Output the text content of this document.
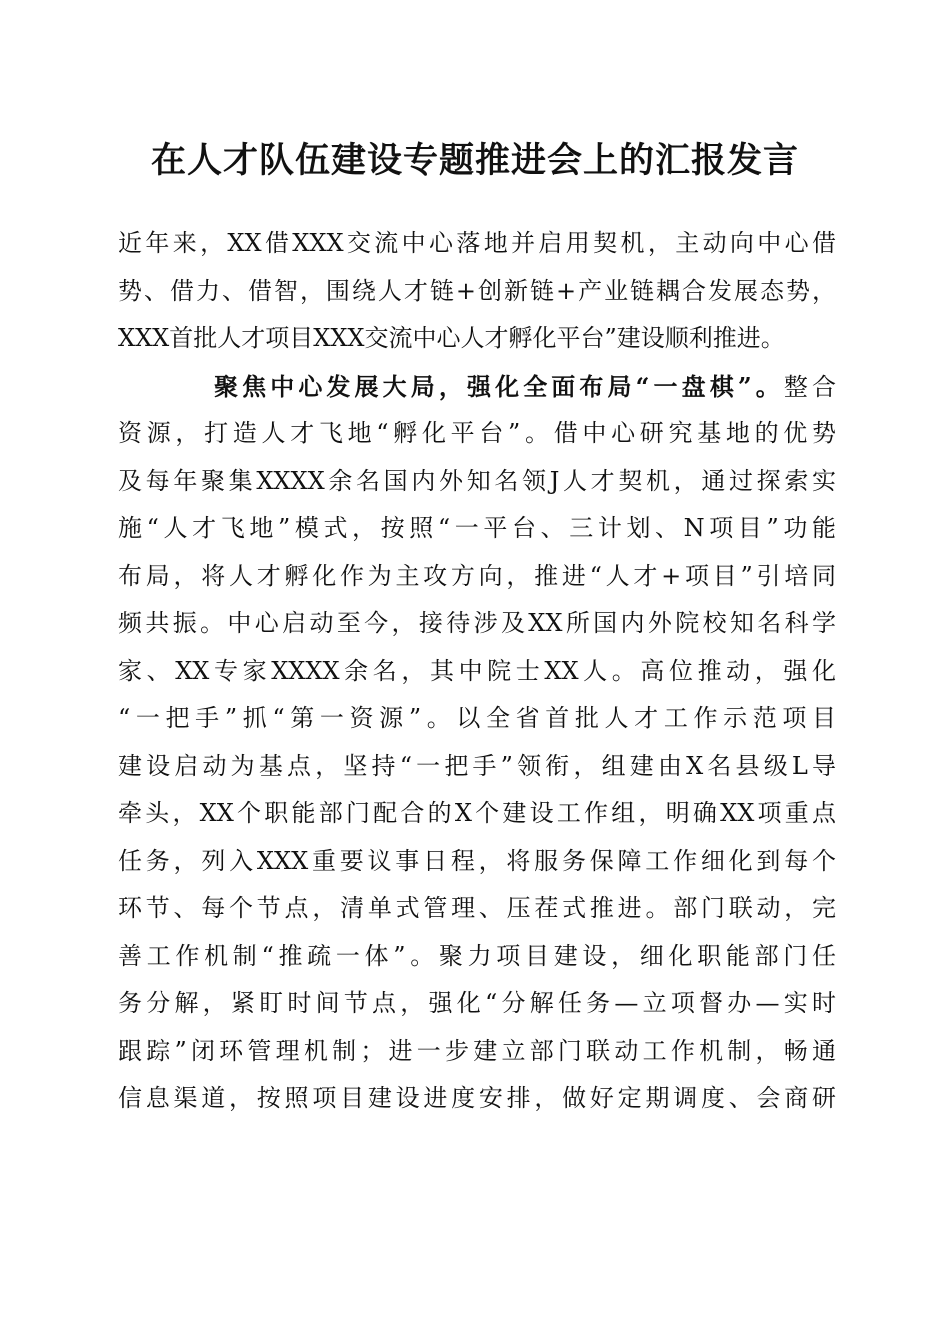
在人才队伍建设专题推进会上的汇报发言
近年来，XX借XXX交流中心落地并启用契机，主动向中心借
势、借力、借智，围绕人才链+创新链+产业链耦合发展态势，
XXX首批人才项目XXX交流中心人才孵化平台”建设顺利推进。
聚焦中心发展大局，强化全面布局“一盘棋”。整合
资源，打造人才飞地“孵化平台”。借中心研究基地的优势
及每年聚集XXXX余名国内外知名领J人才契机，通过探索实
施“人才飞地”模式，按照“一平台、三计划、N项目”功能
布局，将人才孵化作为主攻方向，推进“人才+项目”引培同
频共振。中心启动至今，接待涉及XX所国内外院校知名科学
家、XX专家XXXX余名，其中院士XX人。高位推动，强化
“一把手”抓“第一资源”。以全省首批人才工作示范项目
建设启动为基点，坚持“一把手”领衔，组建由X名县级L导
牵头，XX个职能部门配合的X个建设工作组，明确XX项重点
任务，列入XXX重要议事日程，将服务保障工作细化到每个
环节、每个节点，清单式管理、压茬式推进。部门联动，完
善工作机制“推疏一体”。聚力项目建设，细化职能部门任
务分解，紧盯时间节点，强化“分解任务—立项督办—实时
跟踪”闭环管理机制；进一步建立部门联动工作机制，畅通
信息渠道，按照项目建设进度安排，做好定期调度、会商研
